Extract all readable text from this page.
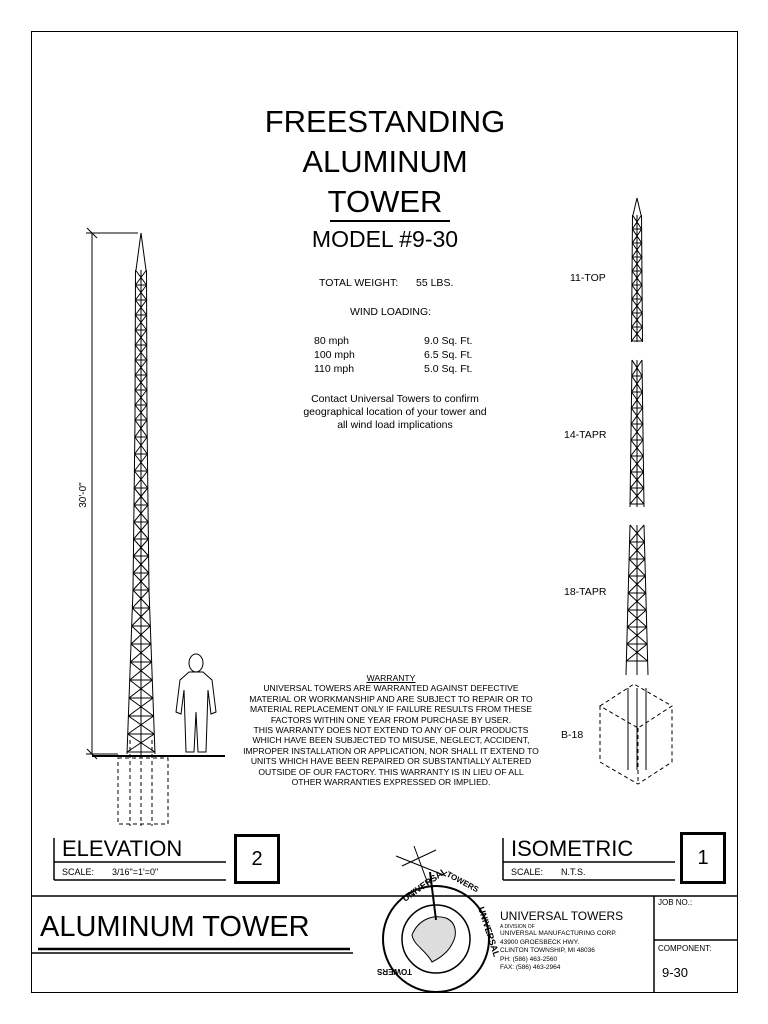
UNIVERSAL
TOWERS
UNIVERSAL
TOWERS
30'-0"
FREESTANDING
ALUMINUM
TOWER
MODEL #9-30
TOTAL WEIGHT: 55 LBS.
WIND LOADING:
80 mph	9.0 Sq. Ft.
100 mph	6.5 Sq. Ft.
110 mph	5.0 Sq. Ft.
Contact Universal Towers to confirm
geographical location of your tower and
all wind load implications
11-TOP
14-TAPR
18-TAPR
B-18
WARRANTY
UNIVERSAL TOWERS ARE WARRANTED AGAINST DEFECTIVE
MATERIAL OR WORKMANSHIP AND ARE SUBJECT TO REPAIR OR TO
MATERIAL REPLACEMENT ONLY IF FAILURE RESULTS FROM THESE
FACTORS WITHIN ONE YEAR FROM PURCHASE BY USER.
THIS WARRANTY DOES NOT EXTEND TO ANY OF OUR PRODUCTS
WHICH HAVE BEEN SUBJECTED TO MISUSE, NEGLECT, ACCIDENT,
IMPROPER INSTALLATION OR APPLICATION, NOR SHALL IT EXTEND TO
UNITS WHICH HAVE BEEN REPAIRED OR SUBSTANTIALLY ALTERED
OUTSIDE OF OUR FACTORY. THIS WARRANTY IS IN LIEU OF ALL
OTHER WARRANTIES EXPRESSED OR IMPLIED.
ELEVATION
SCALE: 3/16"=1'=0"
2	ISOMETRIC
SCALE: N.T.S.
1
ALUMINUM TOWER	UNIVERSAL TOWERS
A DIVISION OF
UNIVERSAL MANUFACTURING CORP.
43900 GROESBECK HWY.
CLINTON TOWNSHIP, MI 48036
PH: (586) 463-2560
FAX: (586) 463-2964
JOB NO.:
COMPONENT:
9-30
